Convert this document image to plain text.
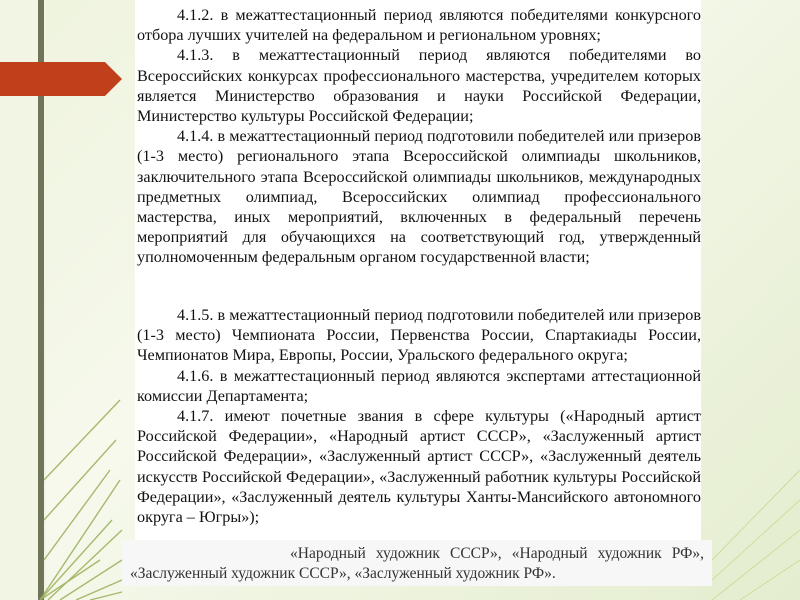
4.1.2. в межаттестационный период являются победителями конкурсного отбора лучших учителей на федеральном и региональном уровнях;

4.1.3. в межаттестационный период являются победителями во Всероссийских конкурсах профессионального мастерства, учредителем которых является Министерство образования и науки Российской Федерации, Министерство культуры Российской Федерации;

4.1.4. в межаттестационный период подготовили победителей или призеров (1-3 место) регионального этапа Всероссийской олимпиады школьников, заключительного этапа Всероссийской олимпиады школьников, международных предметных олимпиад, Всероссийских олимпиад профессионального мастерства, иных мероприятий, включенных в федеральный перечень мероприятий для обучающихся на соответствующий год, утвержденный уполномоченным федеральным органом государственной власти;

4.1.5. в межаттестационный период подготовили победителей или призеров (1-3 место) Чемпионата России, Первенства России, Спартакиады России, Чемпионатов Мира, Европы, России, Уральского федерального округа;

4.1.6. в межаттестационный период являются экспертами аттестационной комиссии Департамента;

4.1.7. имеют почетные звания в сфере культуры («Народный артист Российской Федерации», «Народный артист СССР», «Заслуженный артист Российской Федерации», «Заслуженный артист СССР», «Заслуженный деятель искусств Российской Федерации», «Заслуженный работник культуры Российской Федерации», «Заслуженный деятель культуры Ханты-Мансийского автономного округа – Югры»);

«Народный художник СССР», «Народный художник РФ», «Заслуженный художник СССР», «Заслуженный художник РФ».
